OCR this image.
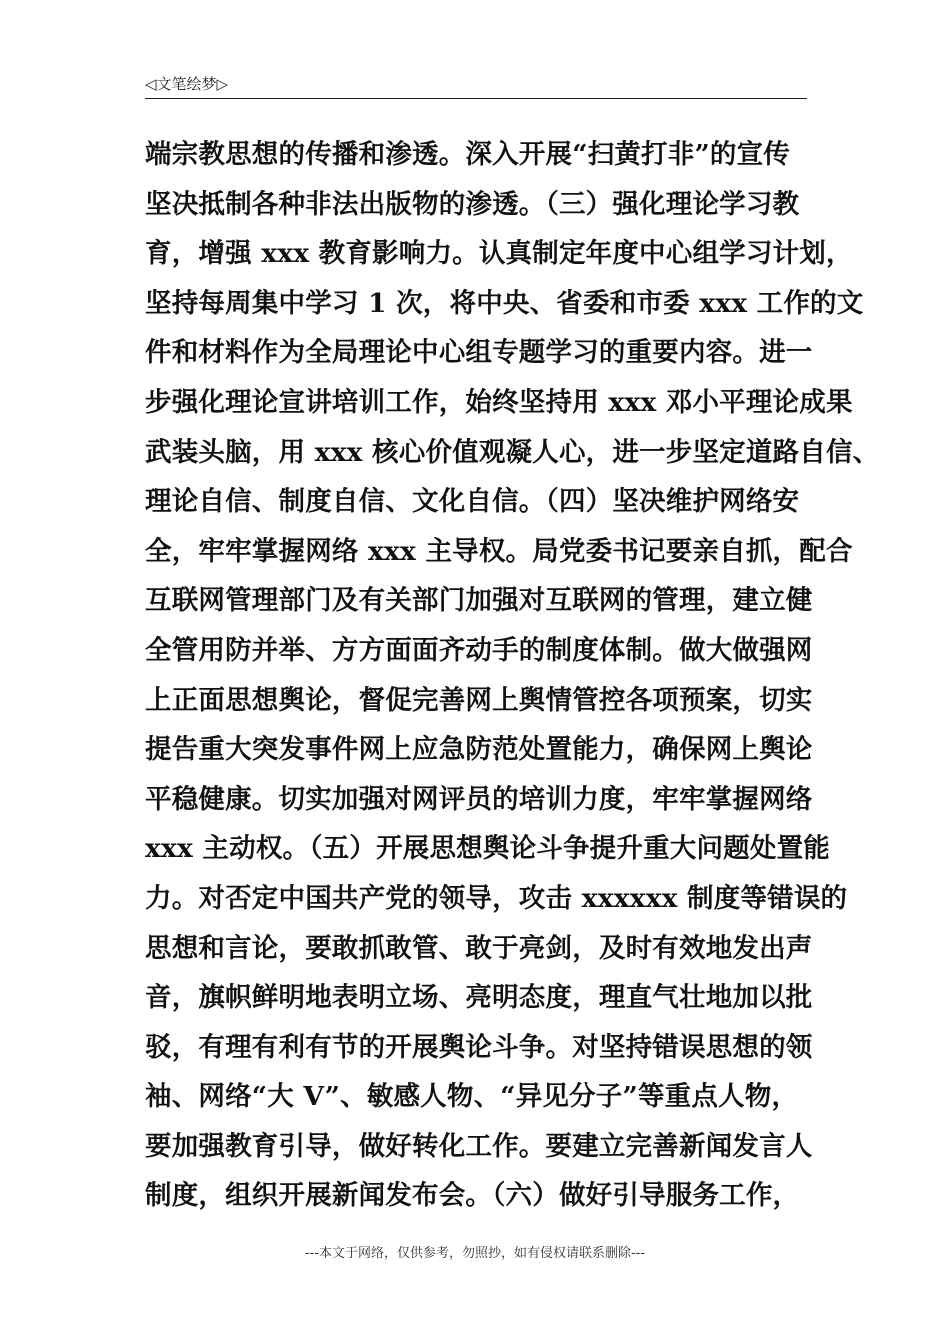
◁文笔绘梦▷
端宗教思想的传播和渗透。深入开展“扫黄打非”的宣传
坚决抵制各种非法出版物的渗透。（三）强化理论学习教
育，增强 xxx 教育影响力。认真制定年度中心组学习计划，
坚持每周集中学习 1 次，将中央、省委和市委 xxx 工作的文
件和材料作为全局理论中心组专题学习的重要内容。进一
步强化理论宣讲培训工作，始终坚持用 xxx 邓小平理论成果
武装头脑，用 xxx 核心价值观凝人心，进一步坚定道路自信、
理论自信、制度自信、文化自信。（四）坚决维护网络安
全，牢牢掌握网络 xxx 主导权。局党委书记要亲自抓，配合
互联网管理部门及有关部门加强对互联网的管理，建立健
全管用防并举、方方面面齐动手的制度体制。做大做强网
上正面思想舆论，督促完善网上舆情管控各项预案，切实
提告重大突发事件网上应急防范处置能力，确保网上舆论
平稳健康。切实加强对网评员的培训力度，牢牢掌握网络
xxx 主动权。（五）开展思想舆论斗争提升重大问题处置能
力。对否定中国共产党的领导，攻击 xxxxxx 制度等错误的
思想和言论，要敢抓敢管、敢于亮剑，及时有效地发出声
音，旗帜鲜明地表明立场、亮明态度，理直气壮地加以批
驳，有理有利有节的开展舆论斗争。对坚持错误思想的领
袖、网络“大 V”、敏感人物、“异见分子”等重点人物，
要加强教育引导，做好转化工作。要建立完善新闻发言人
制度，组织开展新闻发布会。（六）做好引导服务工作，
---本文于网络，仅供参考，勿照抄，如有侵权请联系删除---
